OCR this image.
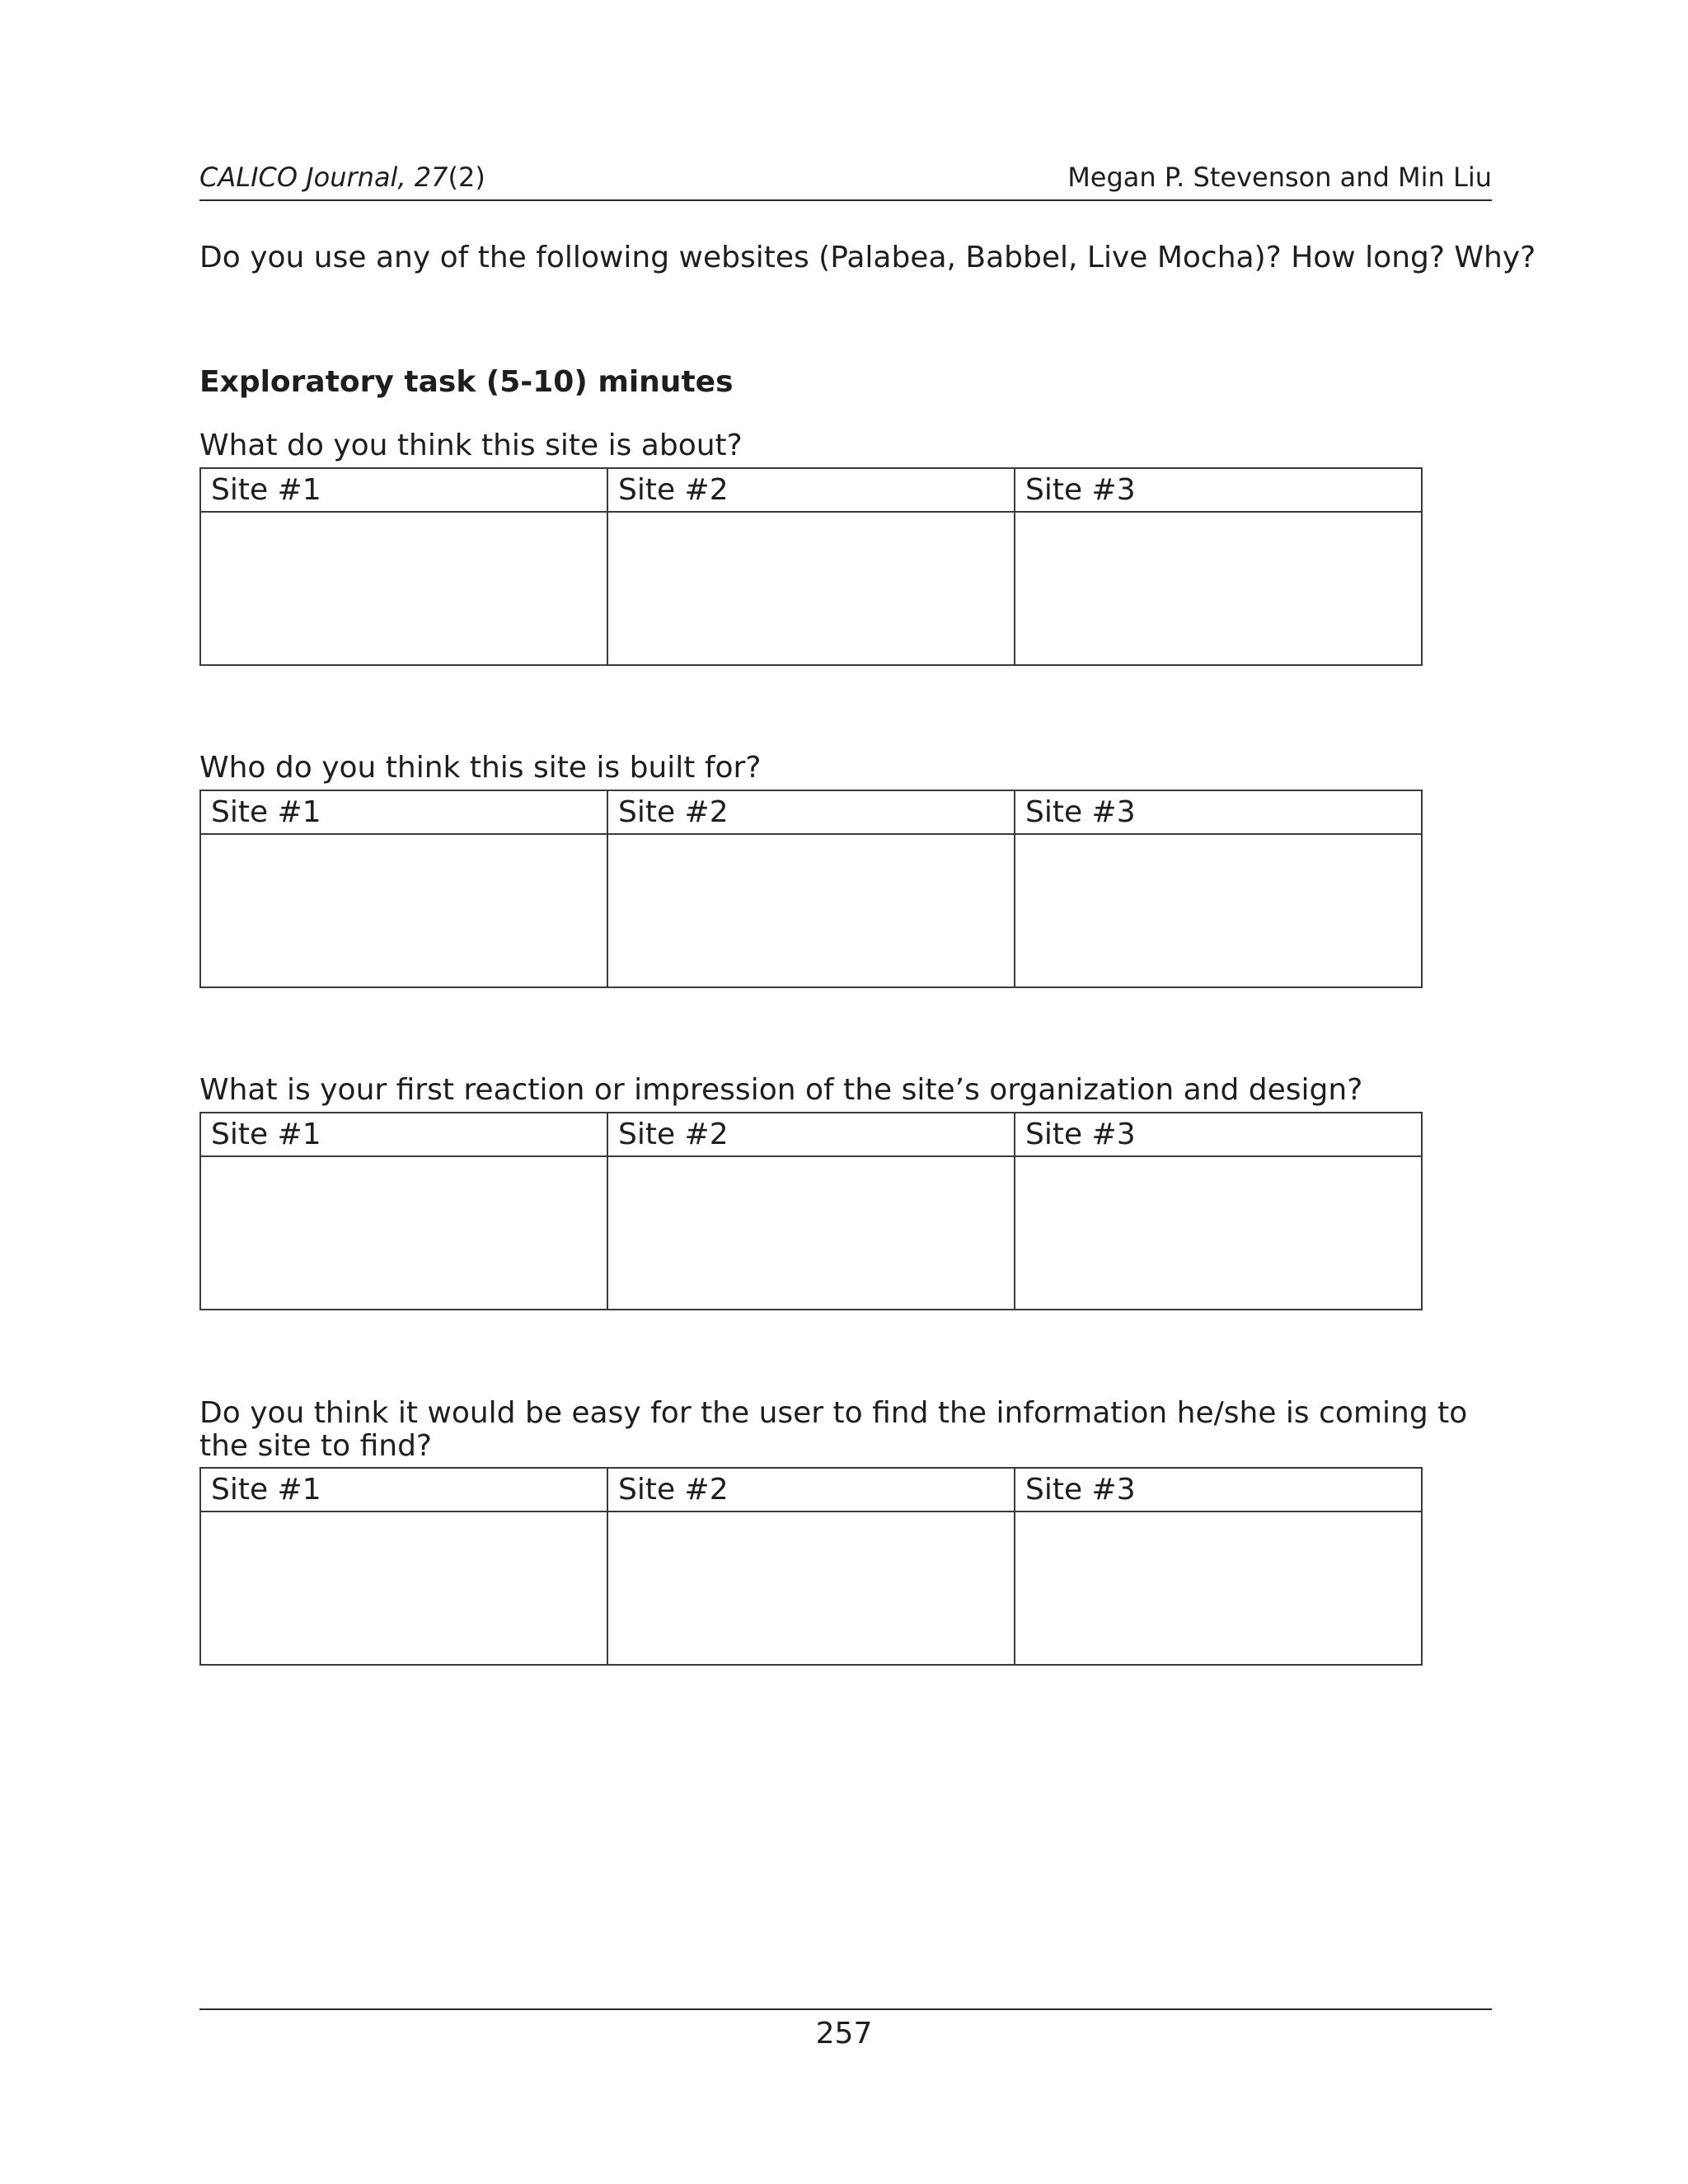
CALICO Journal, 27(2)	Megan P. Stevenson and Min Liu
Do you use any of the following websites (Palabea, Babbel, Live Mocha)? How long? Why?
Exploratory task (5-10) minutes
What do you think this site is about?
Site #1	Site #2	Site #3

Who do you think this site is built for?
Site #1	Site #2	Site #3

What is your first reaction or impression of the site’s organization and design?
Site #1	Site #2	Site #3

Do you think it would be easy for the user to find the information he/she is coming to the site to find?
Site #1	Site #2	Site #3

257
